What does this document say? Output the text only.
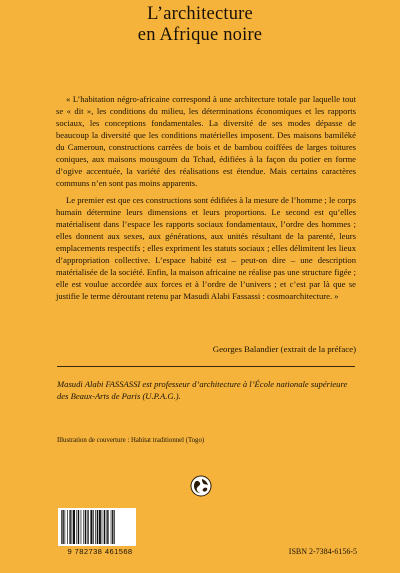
L’architecture
en Afrique noire

« L’habitation négro-africaine correspond à une architecture totale par laquelle tout se « dit », les conditions du milieu, les déterminations économiques et les rapports sociaux, les conceptions fondamentales. La diversité de ses modes dépasse de beaucoup la diversité que les conditions matérielles imposent. Des maisons bamiléké du Cameroun, constructions carrées de bois et de bambou coiffées de larges toitures coniques, aux maisons mousgoum du Tchad, édifiées à la façon du potier en forme d’ogive accentuée, la variété des réalisations est étendue. Mais certains caractères communs n’en sont pas moins apparents.

Le premier est que ces constructions sont édifiées à la mesure de l’homme ; le corps humain détermine leurs dimensions et leurs proportions. Le second est qu’elles matérialisent dans l’espace les rapports sociaux fondamentaux, l’ordre des hommes ; elles donnent aux sexes, aux générations, aux unités résultant de la parenté, leurs emplacements respectifs ; elles expriment les statuts sociaux ; elles délimitent les lieux d’appropriation collective. L’espace habité est – peut-on dire – une description matérialisée de la société. Enfin, la maison africaine ne réalise pas une structure figée ; elle est voulue accordée aux forces et à l’ordre de l’univers ; et c’est par là que se justifie le terme déroutant retenu par Masudi Alabi Fassassi : cosmoarchitecture. »

Georges Balandier (extrait de la préface)
Masudi Alabi FASSASSI est professeur d’architecture à l’École nationale supérieure des Beaux-Arts de Paris (U.P.A.G.).
Illustration de couverture : Habitat traditionnel (Togo)
9 782738 461568	ISBN 2-7384-6156-5
